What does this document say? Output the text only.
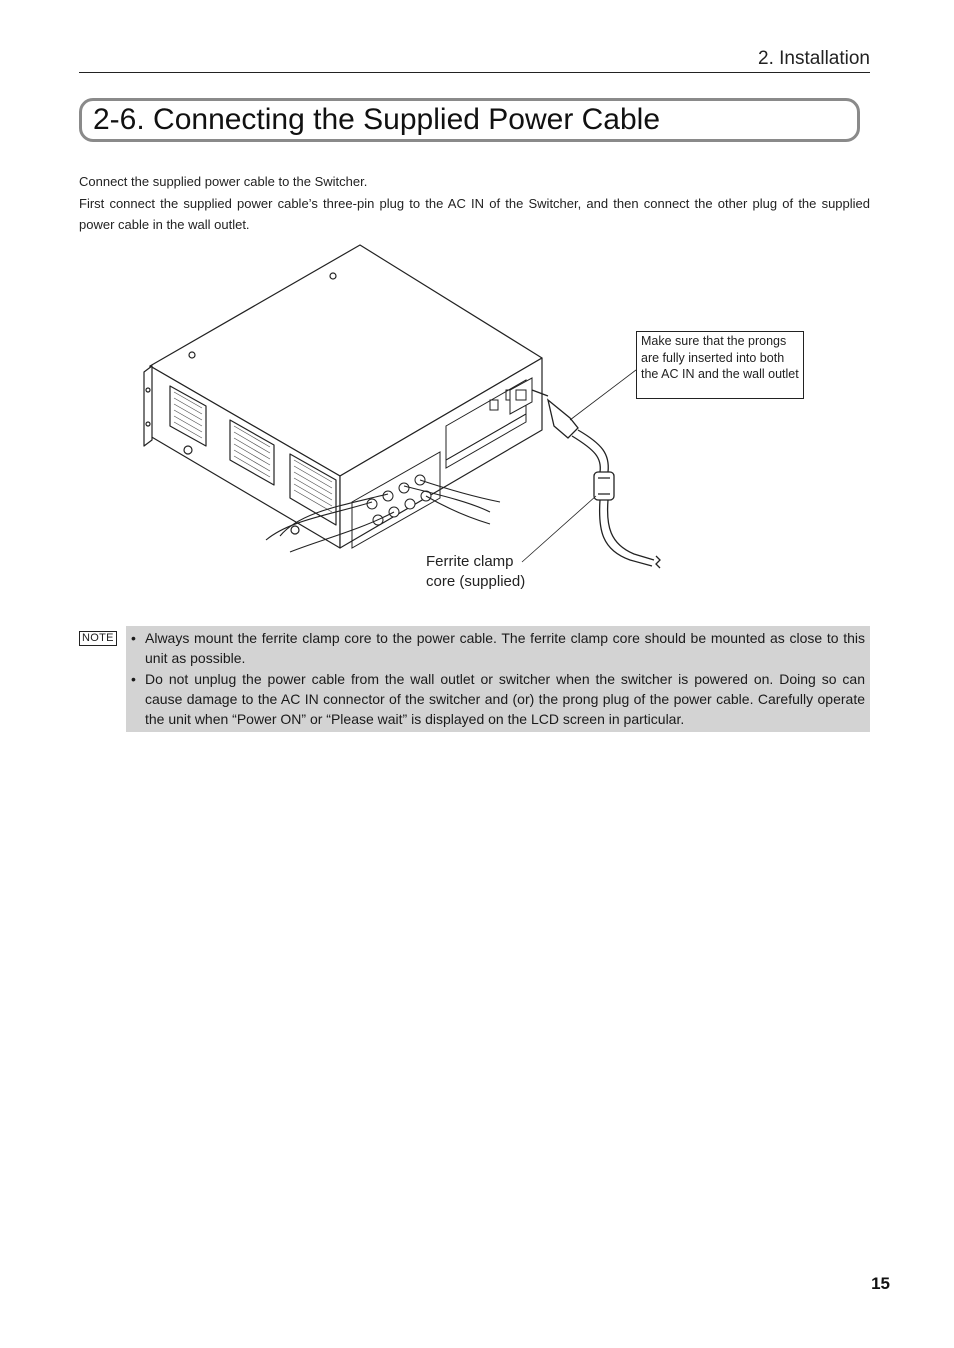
2. Installation
2-6. Connecting the Supplied Power Cable

Connect the supplied power cable to the Switcher.

First connect the supplied power cable’s three-pin plug to the AC IN of the Switcher, and then connect the other plug of the supplied power cable in the wall outlet.

Make sure that the prongs are fully inserted into both the AC IN and the wall outlet
Ferrite clamp
core (supplied)
NOTE
•	Always mount the ferrite clamp core to the power cable. The ferrite clamp core should be mounted as close to this unit as possible.
• Do not unplug the power cable from the wall outlet or switcher when the switcher is powered on. Doing so can cause damage to the AC IN connector of the switcher and (or) the prong plug of the power cable. Carefully operate the unit when “Power ON” or “Please wait” is displayed on the LCD screen in particular.
15
